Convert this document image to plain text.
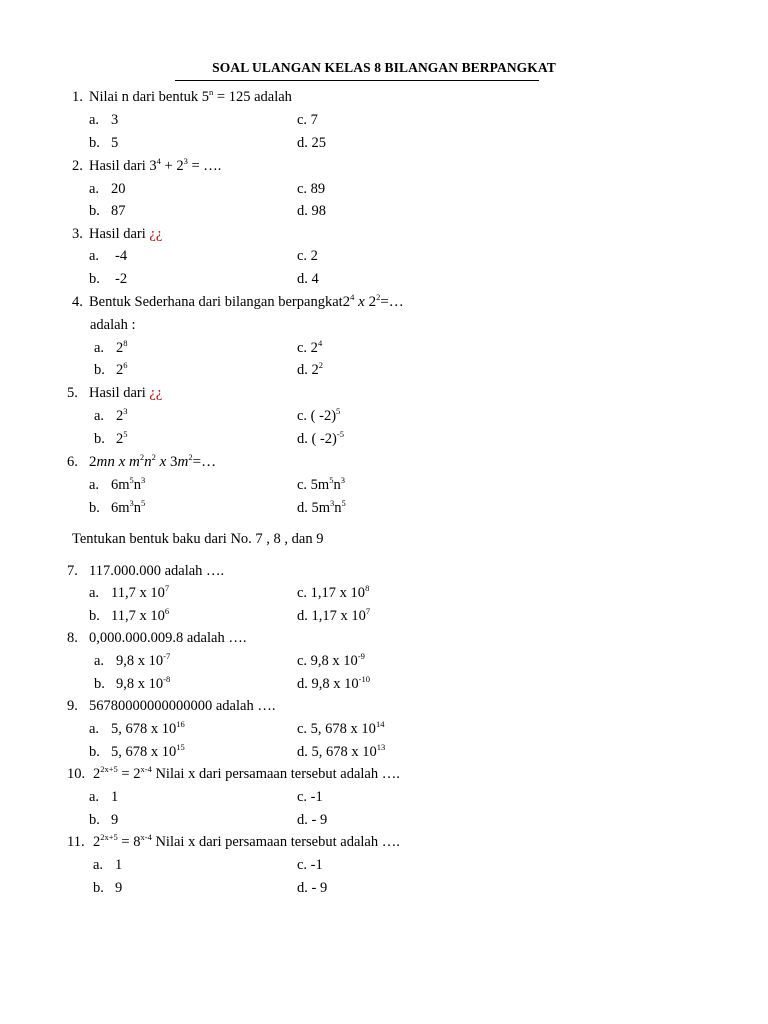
SOAL ULANGAN KELAS 8 BILANGAN BERPANGKAT
1. Nilai n dari bentuk $5^n = 125$ adalah
a. 3	c. 7
b. 5	d. 25
2. Hasil dari $3^4 + 2^3$ = ….
a. 20	c. 89
b. 87	d. 98
3. Hasil dari ¿¿
a. -4	c. 2
b. -2	d. 4
4. Bentuk Sederhana dari bilangan $berpangkat2^4$ x $2^2=\dots$
adalah :
a. $2^8$	c. $2^4$
b. $2^6$	d. $2^2$
5. Hasil dari ¿¿
a. $2^3$	c. ( -2)$^5$
b. $2^5$	d. ( -2)$^{-5}$
6. 2mn x $m^2n^2$ x $3m^2=\dots$
a. $6m^5n^3$	c. $5m^5n^3$
b. $6m^3n^5$	d. $5m^3n^5$
Tentukan bentuk baku dari No. 7 , 8 , dan 9
7. 117.000.000 adalah ….
a. 11,7 x $10^7$	c. 1,17 x $10^8$
b. 11,7 x $10^6$	d. 1,17 x $10^7$
8. 0,000.000.009.8 adalah ….
a. 9,8 x $10^{-7}$	c. 9,8 x $10^{-9}$
b. 9,8 x $10^{-8}$	d. 9,8 x $10^{-10}$
9. 56780000000000000 adalah ….
a. 5, 678 x $10^{16}$	c. 5, 678 x $10^{14}$
b. 5, 678 x $10^{15}$	d. 5, 678 x $10^{13}$
10. $2^{2x+5} = 2^{x-4}$ Nilai x dari persamaan tersebut adalah ….
a. 1	c. -1
b. 9	d. - 9
11. $2^{2x+5} = 8^{x-4}$ Nilai x dari persamaan tersebut adalah ….
a. 1	c. -1
b. 9	d. - 9
